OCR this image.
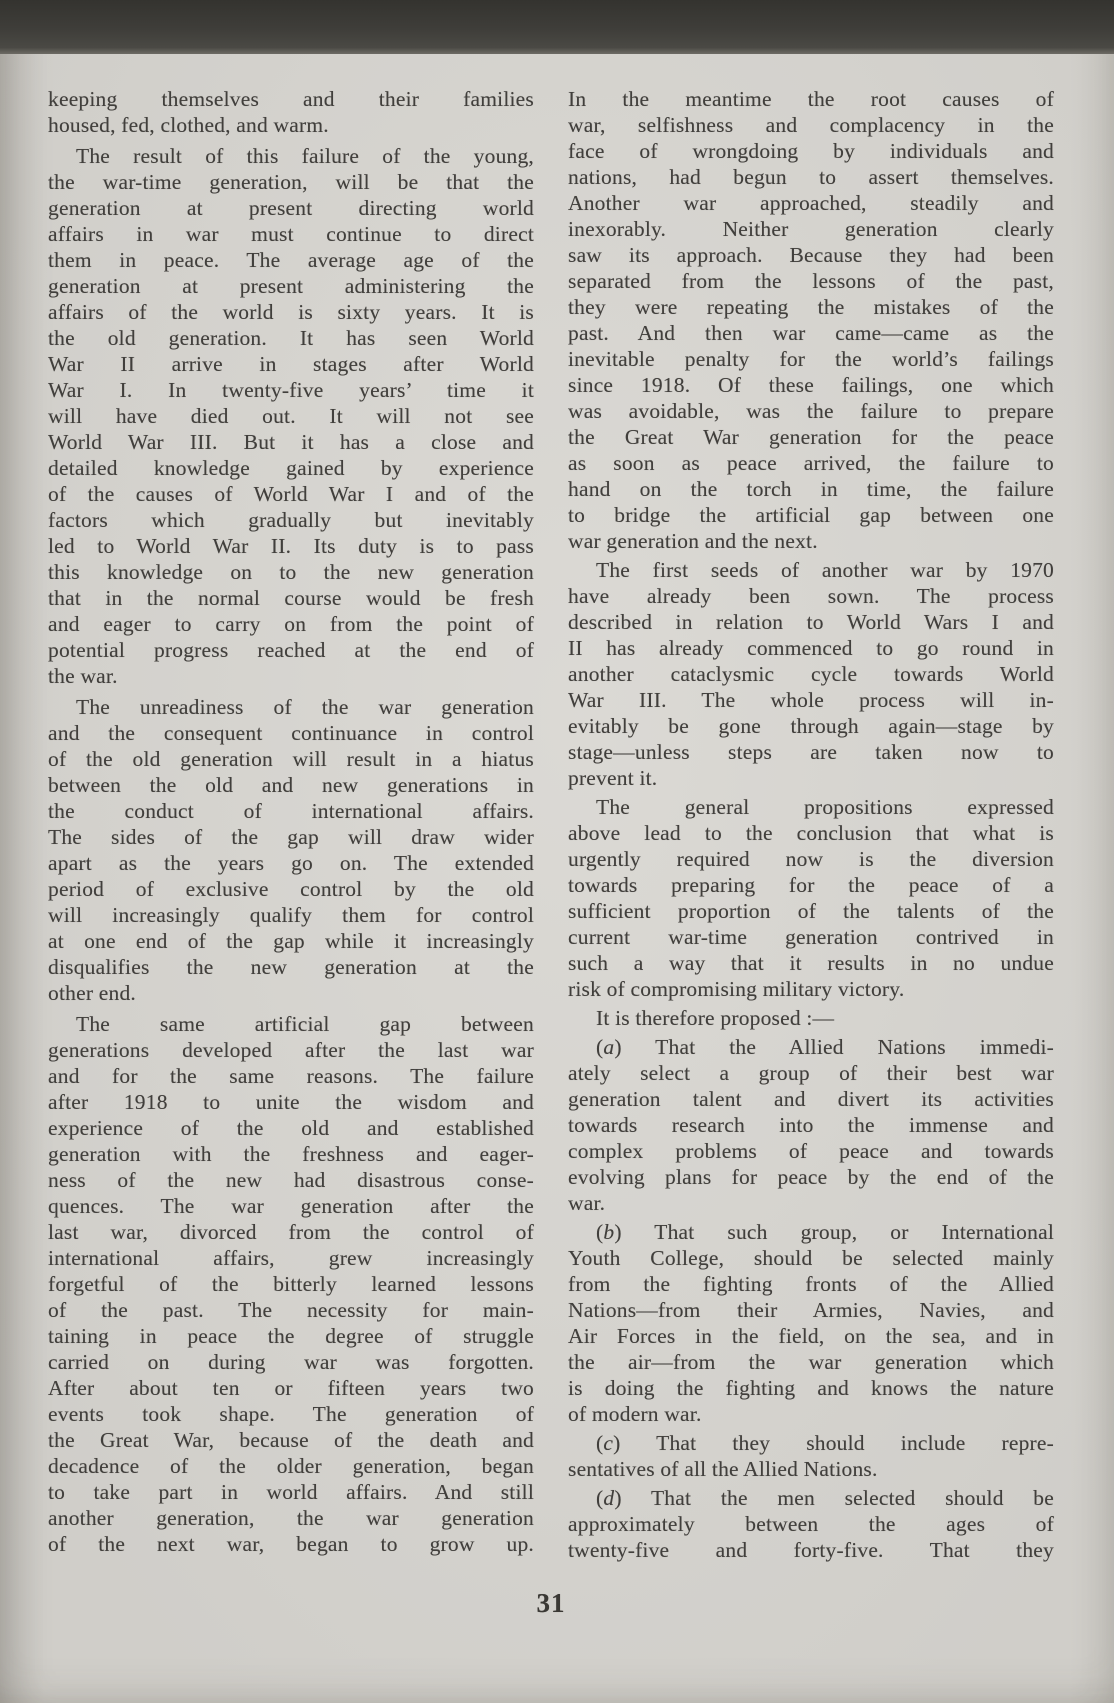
keeping themselves and their families
housed, fed, clothed, and warm.
The result of this failure of the young,
the war-time generation, will be that the
generation at present directing world
affairs in war must continue to direct
them in peace. The average age of the
generation at present administering the
affairs of the world is sixty years. It is
the old generation. It has seen World
War II arrive in stages after World
War I. In twenty-five years’ time it
will have died out. It will not see
World War III. But it has a close and
detailed knowledge gained by experience
of the causes of World War I and of the
factors which gradually but inevitably
led to World War II. Its duty is to pass
this knowledge on to the new generation
that in the normal course would be fresh
and eager to carry on from the point of
potential progress reached at the end of
the war.
The unreadiness of the war generation
and the consequent continuance in control
of the old generation will result in a hiatus
between the old and new generations in
the conduct of international affairs.
The sides of the gap will draw wider
apart as the years go on. The extended
period of exclusive control by the old
will increasingly qualify them for control
at one end of the gap while it increasingly
disqualifies the new generation at the
other end.
The same artificial gap between
generations developed after the last war
and for the same reasons. The failure
after 1918 to unite the wisdom and
experience of the old and established
generation with the freshness and eager-
ness of the new had disastrous conse-
quences. The war generation after the
last war, divorced from the control of
international affairs, grew increasingly
forgetful of the bitterly learned lessons
of the past. The necessity for main-
taining in peace the degree of struggle
carried on during war was forgotten.
After about ten or fifteen years two
events took shape. The generation of
the Great War, because of the death and
decadence of the older generation, began
to take part in world affairs. And still
another generation, the war generation
of the next war, began to grow up.
In the meantime the root causes of
war, selfishness and complacency in the
face of wrongdoing by individuals and
nations, had begun to assert themselves.
Another war approached, steadily and
inexorably. Neither generation clearly
saw its approach. Because they had been
separated from the lessons of the past,
they were repeating the mistakes of the
past. And then war came—came as the
inevitable penalty for the world’s failings
since 1918. Of these failings, one which
was avoidable, was the failure to prepare
the Great War generation for the peace
as soon as peace arrived, the failure to
hand on the torch in time, the failure
to bridge the artificial gap between one
war generation and the next.
The first seeds of another war by 1970
have already been sown. The process
described in relation to World Wars I and
II has already commenced to go round in
another cataclysmic cycle towards World
War III. The whole process will in-
evitably be gone through again—stage by
stage—unless steps are taken now to
prevent it.
The general propositions expressed
above lead to the conclusion that what is
urgently required now is the diversion
towards preparing for the peace of a
sufficient proportion of the talents of the
current war-time generation contrived in
such a way that it results in no undue
risk of compromising military victory.
It is therefore proposed :—
(a) That the Allied Nations immedi-
ately select a group of their best war
generation talent and divert its activities
towards research into the immense and
complex problems of peace and towards
evolving plans for peace by the end of the
war.
(b) That such group, or International
Youth College, should be selected mainly
from the fighting fronts of the Allied
Nations—from their Armies, Navies, and
Air Forces in the field, on the sea, and in
the air—from the war generation which
is doing the fighting and knows the nature
of modern war.
(c) That they should include repre-
sentatives of all the Allied Nations.
(d) That the men selected should be
approximately between the ages of
twenty-five and forty-five. That they
31
